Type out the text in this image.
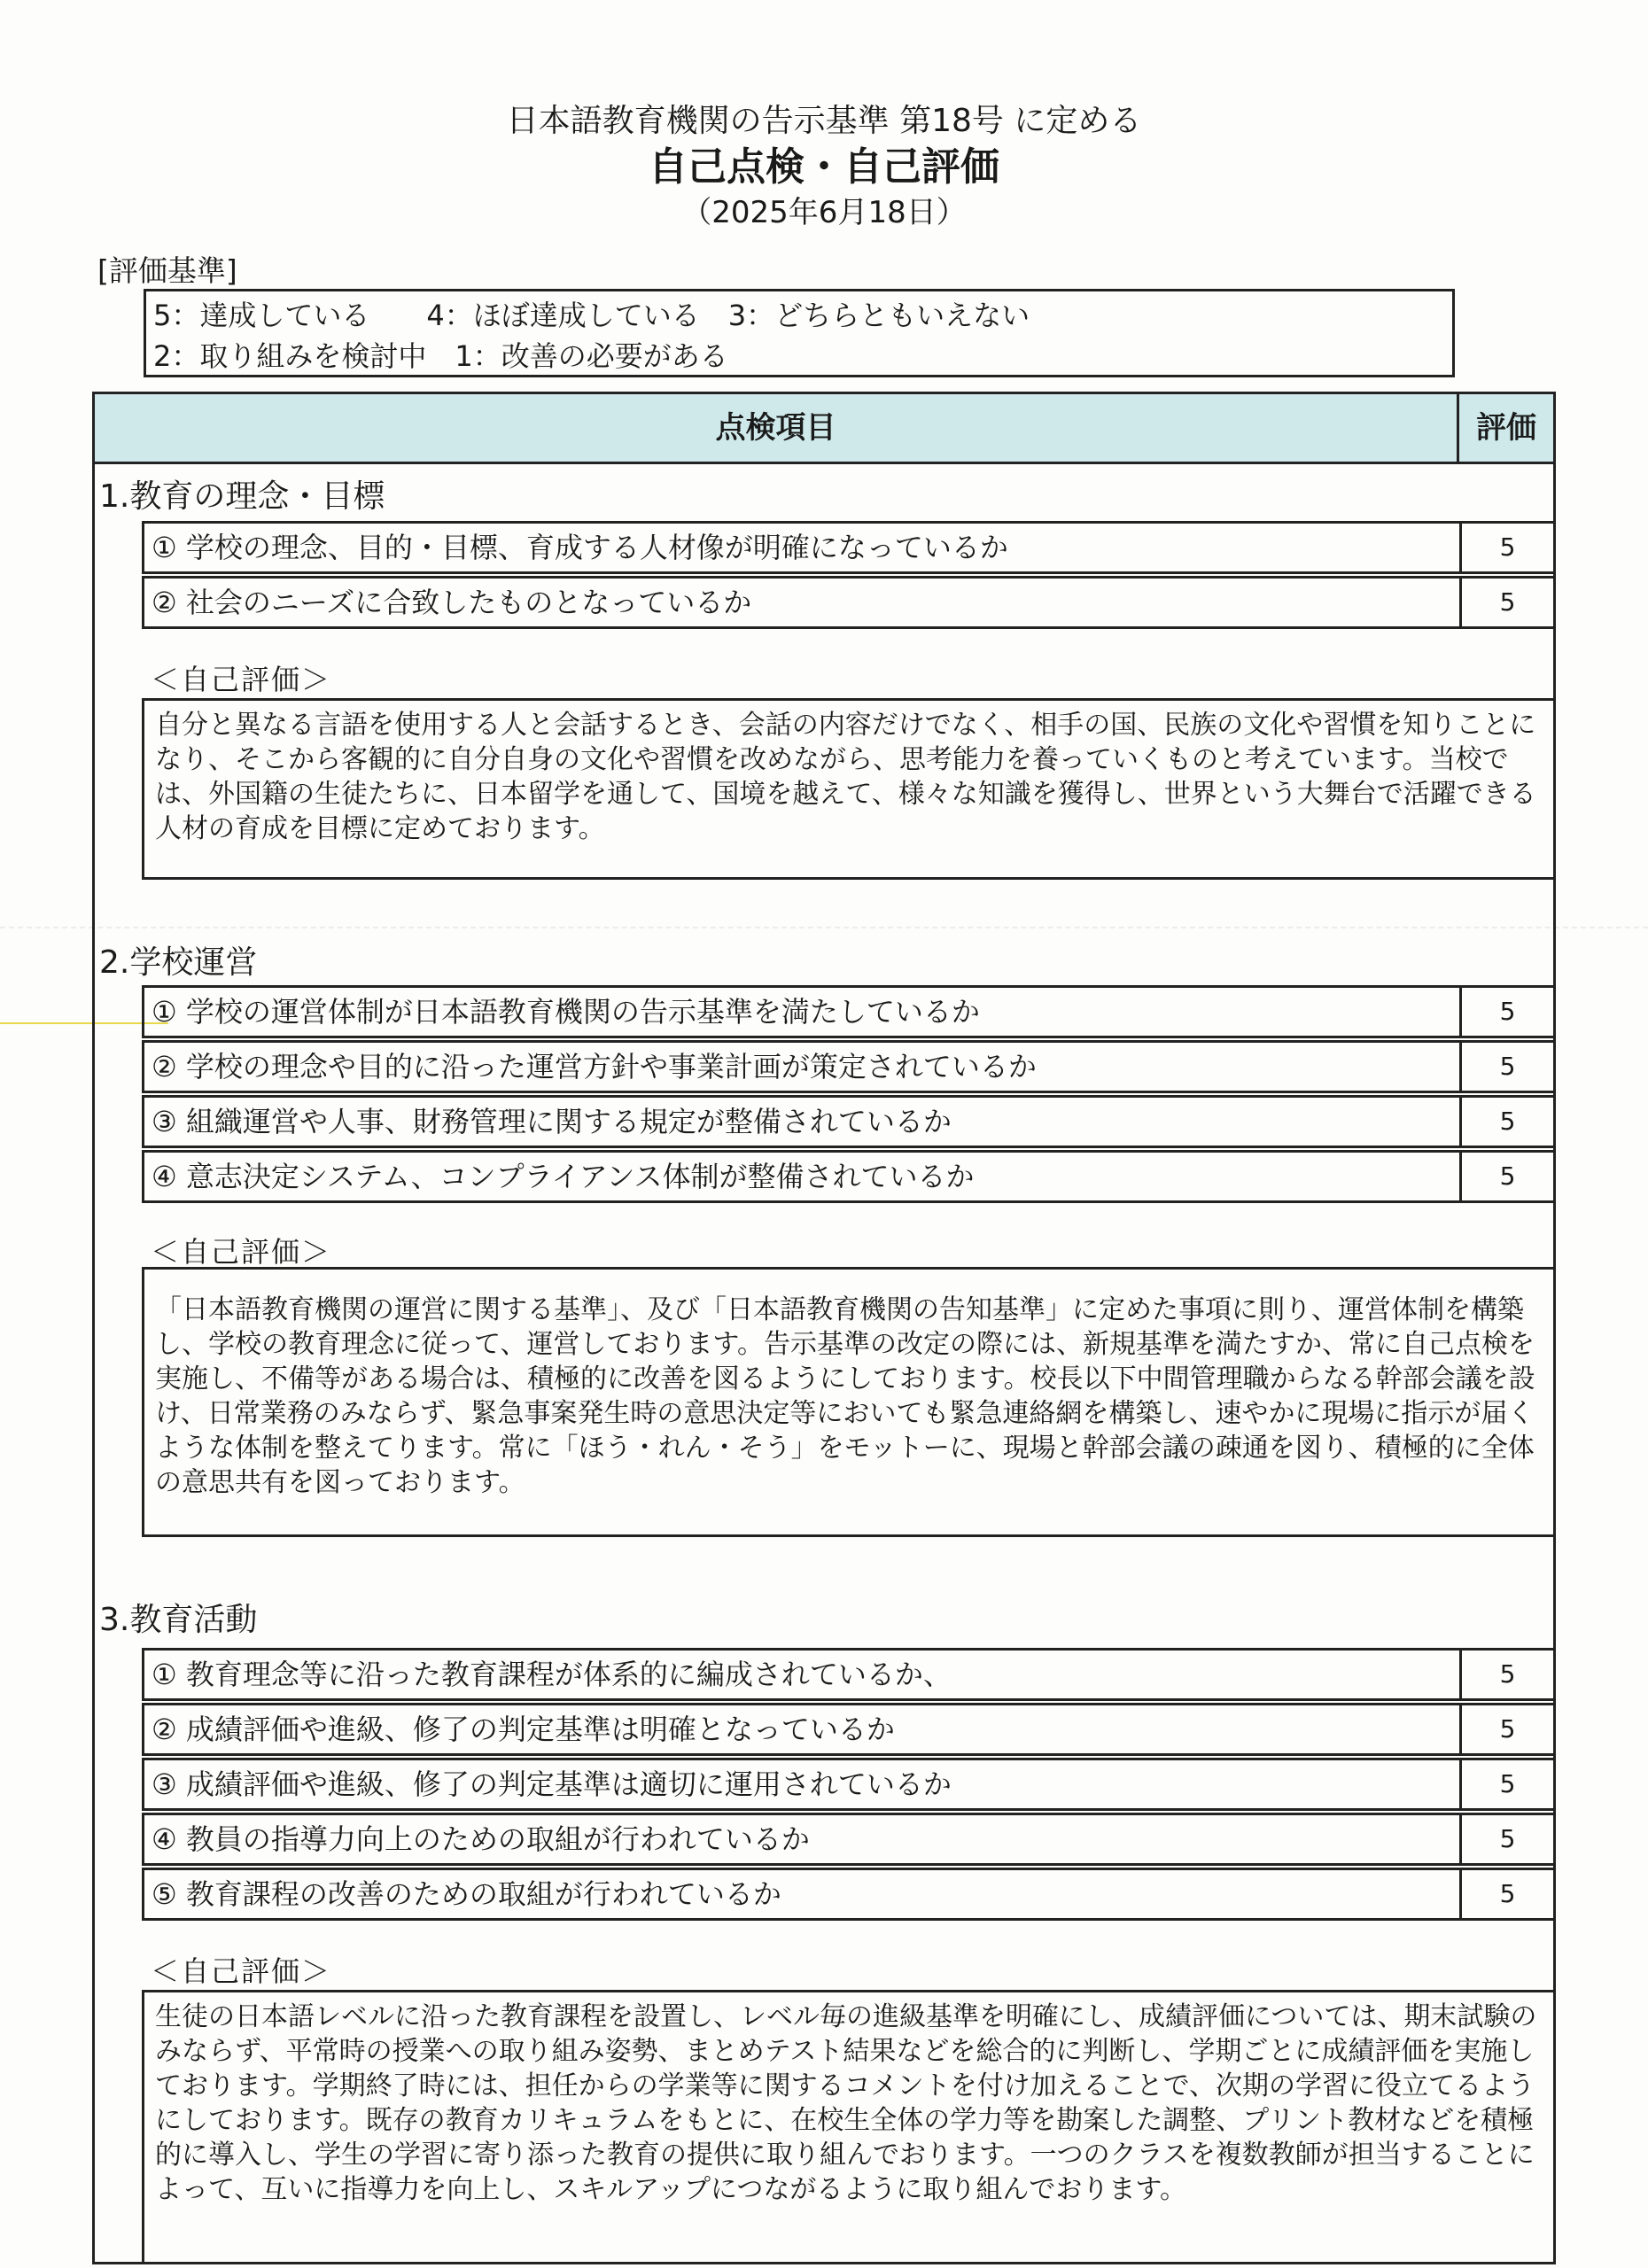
日本語教育機関の告示基準 第18号 に定める
自己点検・自己評価
（2025年6月18日）
[評価基準]
5：達成している　　4：ほぼ達成している　3：どちらともいえない
2：取り組みを検討中　1：改善の必要がある
点検項目	評価
1.教育の理念・目標
① 学校の理念、目的・目標、育成する人材像が明確になっているか	5
② 社会のニーズに合致したものとなっているか	5
＜自己評価＞
自分と異なる言語を使用する人と会話するとき、会話の内容だけでなく、相手の国、民族の文化や習慣を知りことになり、そこから客観的に自分自身の文化や習慣を改めながら、思考能力を養っていくものと考えています。当校では、外国籍の生徒たちに、日本留学を通して、国境を越えて、様々な知識を獲得し、世界という大舞台で活躍できる人材の育成を目標に定めております。
2.学校運営
① 学校の運営体制が日本語教育機関の告示基準を満たしているか	5
② 学校の理念や目的に沿った運営方針や事業計画が策定されているか	5
③ 組織運営や人事、財務管理に関する規定が整備されているか	5
④ 意志決定システム、コンプライアンス体制が整備されているか	5
＜自己評価＞
「日本語教育機関の運営に関する基準」、及び「日本語教育機関の告知基準」に定めた事項に則り、運営体制を構築し、学校の教育理念に従って、運営しております。告示基準の改定の際には、新規基準を満たすか、常に自己点検を実施し、不備等がある場合は、積極的に改善を図るようにしております。校長以下中間管理職からなる幹部会議を設け、日常業務のみならず、緊急事案発生時の意思決定等においても緊急連絡網を構築し、速やかに現場に指示が届くような体制を整えてります。常に「ほう・れん・そう」をモットーに、現場と幹部会議の疎通を図り、積極的に全体の意思共有を図っております。
3.教育活動
① 教育理念等に沿った教育課程が体系的に編成されているか、	5
② 成績評価や進級、修了の判定基準は明確となっているか	5
③ 成績評価や進級、修了の判定基準は適切に運用されているか	5
④ 教員の指導力向上のための取組が行われているか	5
⑤ 教育課程の改善のための取組が行われているか	5
＜自己評価＞
生徒の日本語レベルに沿った教育課程を設置し、レベル毎の進級基準を明確にし、成績評価については、期末試験のみならず、平常時の授業への取り組み姿勢、まとめテスト結果などを総合的に判断し、学期ごとに成績評価を実施しております。学期終了時には、担任からの学業等に関するコメントを付け加えることで、次期の学習に役立てるようにしております。既存の教育カリキュラムをもとに、在校生全体の学力等を勘案した調整、プリント教材などを積極的に導入し、学生の学習に寄り添った教育の提供に取り組んでおります。一つのクラスを複数教師が担当することによって、互いに指導力を向上し、スキルアップにつながるように取り組んでおります。
